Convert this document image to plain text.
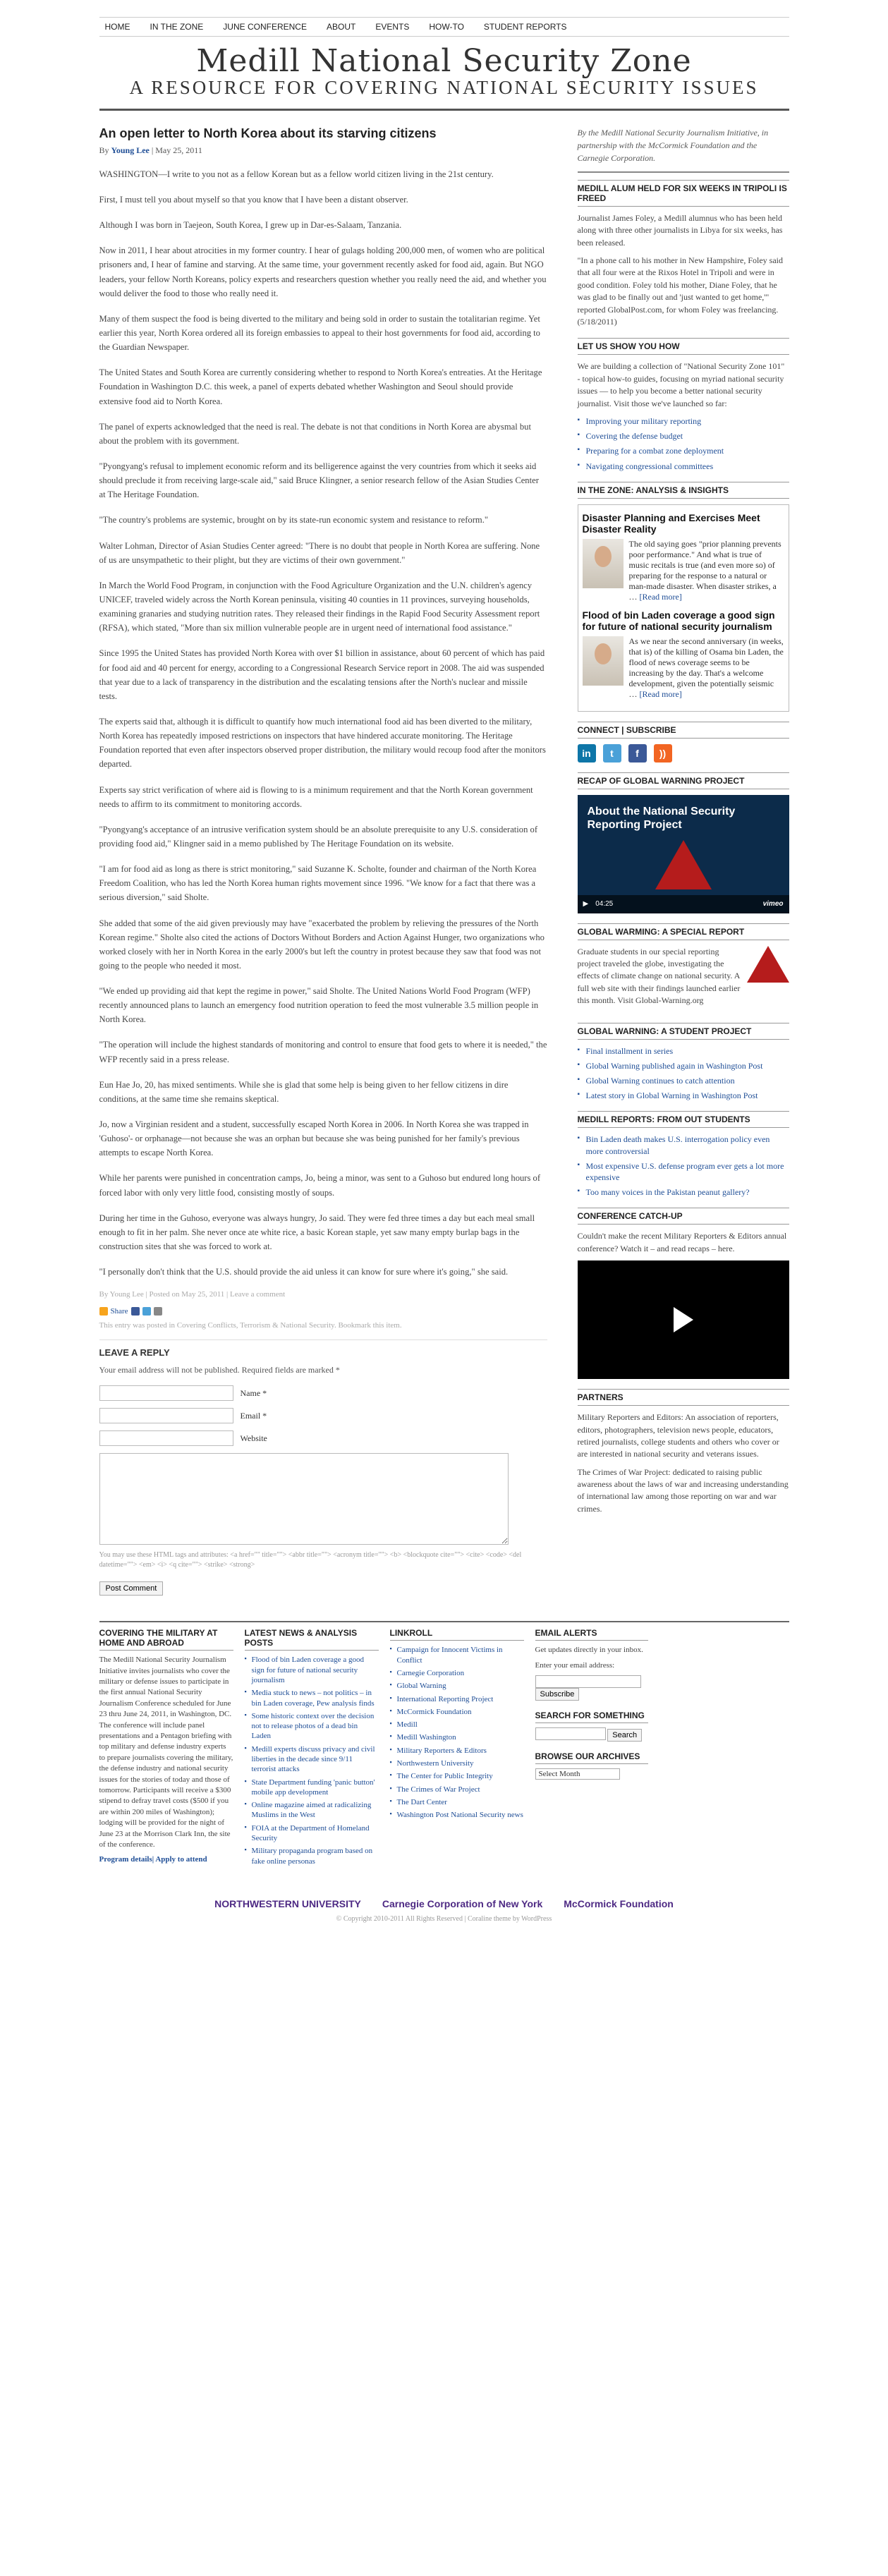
HOME	IN THE ZONE	JUNE CONFERENCE	ABOUT	EVENTS	HOW-TO	STUDENT REPORTS
Medill National Security Zone
A RESOURCE FOR COVERING NATIONAL SECURITY ISSUES
An open letter to North Korea about its starving citizens
By Young Lee | May 25, 2011

WASHINGTON—I write to you not as a fellow Korean but as a fellow world citizen living in the 21st century.

First, I must tell you about myself so that you know that I have been a distant observer.

Although I was born in Taejeon, South Korea, I grew up in Dar-es-Salaam, Tanzania.

Now in 2011, I hear about atrocities in my former country. I hear of gulags holding 200,000 men, of women who are political prisoners and, I hear of famine and starving. At the same time, your government recently asked for food aid, again. But NGO leaders, your fellow North Koreans, policy experts and researchers question whether you really need the aid, and whether you would deliver the food to those who really need it.

Many of them suspect the food is being diverted to the military and being sold in order to sustain the totalitarian regime. Yet earlier this year, North Korea ordered all its foreign embassies to appeal to their host governments for food aid, according to the Guardian Newspaper.

The United States and South Korea are currently considering whether to respond to North Korea's entreaties. At the Heritage Foundation in Washington D.C. this week, a panel of experts debated whether Washington and Seoul should provide extensive food aid to North Korea.

The panel of experts acknowledged that the need is real. The debate is not that conditions in North Korea are abysmal but about the problem with its government.

"Pyongyang's refusal to implement economic reform and its belligerence against the very countries from which it seeks aid should preclude it from receiving large-scale aid," said Bruce Klingner, a senior research fellow of the Asian Studies Center at The Heritage Foundation.

"The country's problems are systemic, brought on by its state-run economic system and resistance to reform."

Walter Lohman, Director of Asian Studies Center agreed: "There is no doubt that people in North Korea are suffering. None of us are unsympathetic to their plight, but they are victims of their own government."

In March the World Food Program, in conjunction with the Food Agriculture Organization and the U.N. children's agency UNICEF, traveled widely across the North Korean peninsula, visiting 40 counties in 11 provinces, surveying households, examining granaries and studying nutrition rates. They released their findings in the Rapid Food Security Assessment report (RFSA), which stated, "More than six million vulnerable people are in urgent need of international food assistance."

Since 1995 the United States has provided North Korea with over $1 billion in assistance, about 60 percent of which has paid for food aid and 40 percent for energy, according to a Congressional Research Service report in 2008. The aid was suspended that year due to a lack of transparency in the distribution and the escalating tensions after the North's nuclear and missile tests.

The experts said that, although it is difficult to quantify how much international food aid has been diverted to the military, North Korea has repeatedly imposed restrictions on inspectors that have hindered accurate monitoring. The Heritage Foundation reported that even after inspectors observed proper distribution, the military would recoup food after the monitors departed.

Experts say strict verification of where aid is flowing to is a minimum requirement and that the North Korean government needs to affirm to its commitment to monitoring accords.

"Pyongyang's acceptance of an intrusive verification system should be an absolute prerequisite to any U.S. consideration of providing food aid," Klingner said in a memo published by The Heritage Foundation on its website.

"I am for food aid as long as there is strict monitoring," said Suzanne K. Scholte, founder and chairman of the North Korea Freedom Coalition, who has led the North Korea human rights movement since 1996. "We know for a fact that there was a serious diversion," said Sholte.

She added that some of the aid given previously may have "exacerbated the problem by relieving the pressures of the North Korean regime." Sholte also cited the actions of Doctors Without Borders and Action Against Hunger, two organizations who worked closely with her in North Korea in the early 2000's but left the country in protest because they saw that food was not going to the people who needed it most.

"We ended up providing aid that kept the regime in power," said Sholte. The United Nations World Food Program (WFP) recently announced plans to launch an emergency food nutrition operation to feed the most vulnerable 3.5 million people in North Korea.

"The operation will include the highest standards of monitoring and control to ensure that food gets to where it is needed," the WFP recently said in a press release.

Eun Hae Jo, 20, has mixed sentiments. While she is glad that some help is being given to her fellow citizens in dire conditions, at the same time she remains skeptical.

Jo, now a Virginian resident and a student, successfully escaped North Korea in 2006. In North Korea she was trapped in 'Guhoso'- or orphanage—not because she was an orphan but because she was being punished for her family's previous attempts to escape North Korea.

While her parents were punished in concentration camps, Jo, being a minor, was sent to a Guhoso but endured long hours of forced labor with only very little food, consisting mostly of soups.

During her time in the Guhoso, everyone was always hungry, Jo said. They were fed three times a day but each meal small enough to fit in her palm. She never once ate white rice, a basic Korean staple, yet saw many empty burlap bags in the construction sites that she was forced to work at.

"I personally don't think that the U.S. should provide the aid unless it can know for sure where it's going," she said.

By Young Lee | Posted on May 25, 2011 | Leave a comment
Share
This entry was posted in Covering Conflicts, Terrorism & National Security. Bookmark this item.
LEAVE A REPLY
Your email address will not be published. Required fields are marked *
Name *
Email *
Website
You may use these HTML tags and attributes: <a href="" title=""> <abbr title=""> <acronym title=""> <b> <blockquote cite=""> <cite> <code> <del datetime=""> <em> <i> <q cite=""> <strike> <strong>
Post Comment
By the Medill National Security Journalism Initiative, in partnership with the McCormick Foundation and the Carnegie Corporation.
MEDILL ALUM HELD FOR SIX WEEKS IN TRIPOLI IS FREED

Journalist James Foley, a Medill alumnus who has been held along with three other journalists in Libya for six weeks, has been released.

"In a phone call to his mother in New Hampshire, Foley said that all four were at the Rixos Hotel in Tripoli and were in good condition. Foley told his mother, Diane Foley, that he was glad to be finally out and 'just wanted to get home,'" reported GlobalPost.com, for whom Foley was freelancing. (5/18/2011)

LET US SHOW YOU HOW

We are building a collection of "National Security Zone 101" - topical how-to guides, focusing on myriad national security issues — to help you become a better national security journalist. Visit those we've launched so far:

▪ Improving your military reporting
▪ Covering the defense budget
▪ Preparing for a combat zone deployment
▪ Navigating congressional committees
IN THE ZONE: ANALYSIS & INSIGHTS
Disaster Planning and Exercises Meet Disaster Reality
The old saying goes "prior planning prevents poor performance." And what is true of music recitals is true (and even more so) of preparing for the response to a natural or man-made disaster. When disaster strikes, a … [Read more]
Flood of bin Laden coverage a good sign for future of national security journalism
As we near the second anniversary (in weeks, that is) of the killing of Osama bin Laden, the flood of news coverage seems to be increasing by the day. That's a welcome development, given the potentially seismic … [Read more]
CONNECT | SUBSCRIBE
in	t	f	))
RECAP OF GLOBAL WARNING PROJECT
About the National Security Reporting Project
▶ 04:25	vimeo
GLOBAL WARMING: A SPECIAL REPORT

Graduate students in our special reporting project traveled the globe, investigating the effects of climate change on national security. A full web site with their findings launched earlier this month. Visit Global-Warning.org

GLOBAL WARNING: A STUDENT PROJECT
▪ Final installment in series
▪ Global Warning published again in Washington Post
▪ Global Warning continues to catch attention
▪ Latest story in Global Warning in Washington Post
MEDILL REPORTS: FROM OUT STUDENTS
▪ Bin Laden death makes U.S. interrogation policy even more controversial
▪ Most expensive U.S. defense program ever gets a lot more expensive
▪ Too many voices in the Pakistan peanut gallery?
CONFERENCE CATCH-UP

Couldn't make the recent Military Reporters & Editors annual conference? Watch it – and read recaps – here.

PARTNERS

Military Reporters and Editors: An association of reporters, editors, photographers, television news people, educators, retired journalists, college students and others who cover or are interested in national security and veterans issues.

The Crimes of War Project: dedicated to raising public awareness about the laws of war and increasing understanding of international law among those reporting on war and war crimes.

COVERING THE MILITARY AT HOME AND ABROAD

The Medill National Security Journalism Initiative invites journalists who cover the military or defense issues to participate in the first annual National Security Journalism Conference scheduled for June 23 thru June 24, 2011, in Washington, DC. The conference will include panel presentations and a Pentagon briefing with top military and defense industry experts to prepare journalists covering the military, the defense industry and national security issues for the stories of today and those of tomorrow. Participants will receive a $300 stipend to defray travel costs ($500 if you are within 200 miles of Washington); lodging will be provided for the night of June 23 at the Morrison Clark Inn, the site of the conference.

Program details| Apply to attend

LATEST NEWS & ANALYSIS POSTS
▪ Flood of bin Laden coverage a good sign for future of national security journalism
▪ Media stuck to news – not politics – in bin Laden coverage, Pew analysis finds
▪ Some historic context over the decision not to release photos of a dead bin Laden
▪ Medill experts discuss privacy and civil liberties in the decade since 9/11 terrorist attacks
▪ State Department funding 'panic button' mobile app development
▪ Online magazine aimed at radicalizing Muslims in the West
▪ FOIA at the Department of Homeland Security
▪ Military propaganda program based on fake online personas
LINKROLL
▪ Campaign for Innocent Victims in Conflict
▪ Carnegie Corporation
▪ Global Warning
▪ International Reporting Project
▪ McCormick Foundation
▪ Medill
▪ Medill Washington
▪ Military Reporters & Editors
▪ Northwestern University
▪ The Center for Public Integrity
▪ The Crimes of War Project
▪ The Dart Center
▪ Washington Post National Security news
EMAIL ALERTS

Get updates directly in your inbox.

Enter your email address:

Subscribe

SEARCH FOR SOMETHING
Search
BROWSE OUR ARCHIVES
Select Month
NORTHWESTERN UNIVERSITY Carnegie Corporation of New York McCormick Foundation
© Copyright 2010-2011 All Rights Reserved | Coraline theme by WordPress
